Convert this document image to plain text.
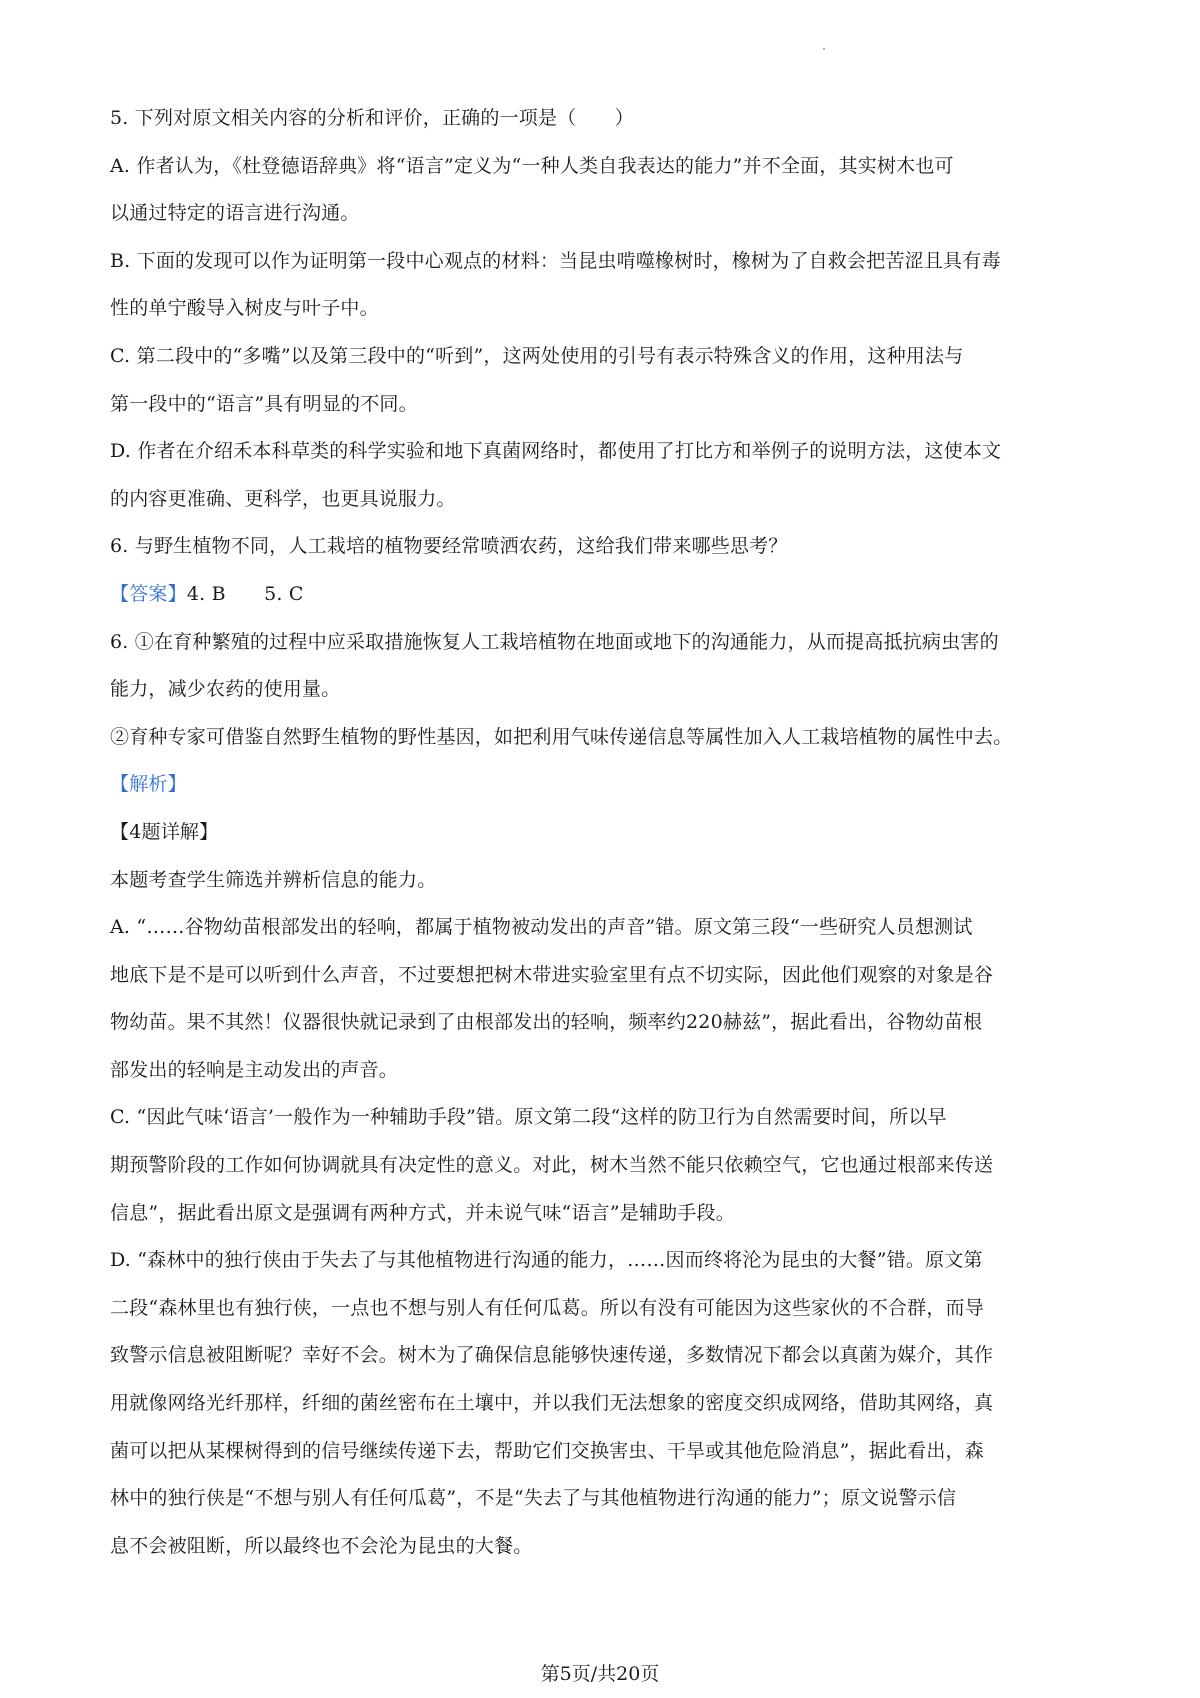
5. 下列对原文相关内容的分析和评价，正确的一项是（　　）
A. 作者认为，《杜登德语辞典》将“语言”定义为“一种人类自我表达的能力”并不全面，其实树木也可
以通过特定的语言进行沟通。
B. 下面的发现可以作为证明第一段中心观点的材料：当昆虫啃噬橡树时，橡树为了自救会把苦涩且具有毒
性的单宁酸导入树皮与叶子中。
C. 第二段中的“多嘴”以及第三段中的“听到”，这两处使用的引号有表示特殊含义的作用，这种用法与
第一段中的“语言”具有明显的不同。
D. 作者在介绍禾本科草类的科学实验和地下真菌网络时，都使用了打比方和举例子的说明方法，这使本文
的内容更准确、更科学，也更具说服力。
6. 与野生植物不同，人工栽培的植物要经常喷洒农药，这给我们带来哪些思考？
【答案】4. B　　5. C
6. ①在育种繁殖的过程中应采取措施恢复人工栽培植物在地面或地下的沟通能力，从而提高抵抗病虫害的
能力，减少农药的使用量。
②育种专家可借鉴自然野生植物的野性基因，如把利用气味传递信息等属性加入人工栽培植物的属性中去。
【解析】
【4题详解】
本题考查学生筛选并辨析信息的能力。
A. “……谷物幼苗根部发出的轻响，都属于植物被动发出的声音”错。原文第三段“一些研究人员想测试
地底下是不是可以听到什么声音，不过要想把树木带进实验室里有点不切实际，因此他们观察的对象是谷
物幼苗。果不其然！仪器很快就记录到了由根部发出的轻响，频率约220赫兹”，据此看出，谷物幼苗根
部发出的轻响是主动发出的声音。
C. “因此气味‘语言’一般作为一种辅助手段”错。原文第二段“这样的防卫行为自然需要时间，所以早
期预警阶段的工作如何协调就具有决定性的意义。对此，树木当然不能只依赖空气，它也通过根部来传送
信息”，据此看出原文是强调有两种方式，并未说气味“语言”是辅助手段。
D. “森林中的独行侠由于失去了与其他植物进行沟通的能力，……因而终将沦为昆虫的大餐”错。原文第
二段“森林里也有独行侠，一点也不想与别人有任何瓜葛。所以有没有可能因为这些家伙的不合群，而导
致警示信息被阻断呢？幸好不会。树木为了确保信息能够快速传递，多数情况下都会以真菌为媒介，其作
用就像网络光纤那样，纤细的菌丝密布在土壤中，并以我们无法想象的密度交织成网络，借助其网络，真
菌可以把从某棵树得到的信号继续传递下去，帮助它们交换害虫、干旱或其他危险消息”，据此看出，森
林中的独行侠是“不想与别人有任何瓜葛”，不是“失去了与其他植物进行沟通的能力”；原文说警示信
息不会被阻断，所以最终也不会沦为昆虫的大餐。
第5页/共20页
